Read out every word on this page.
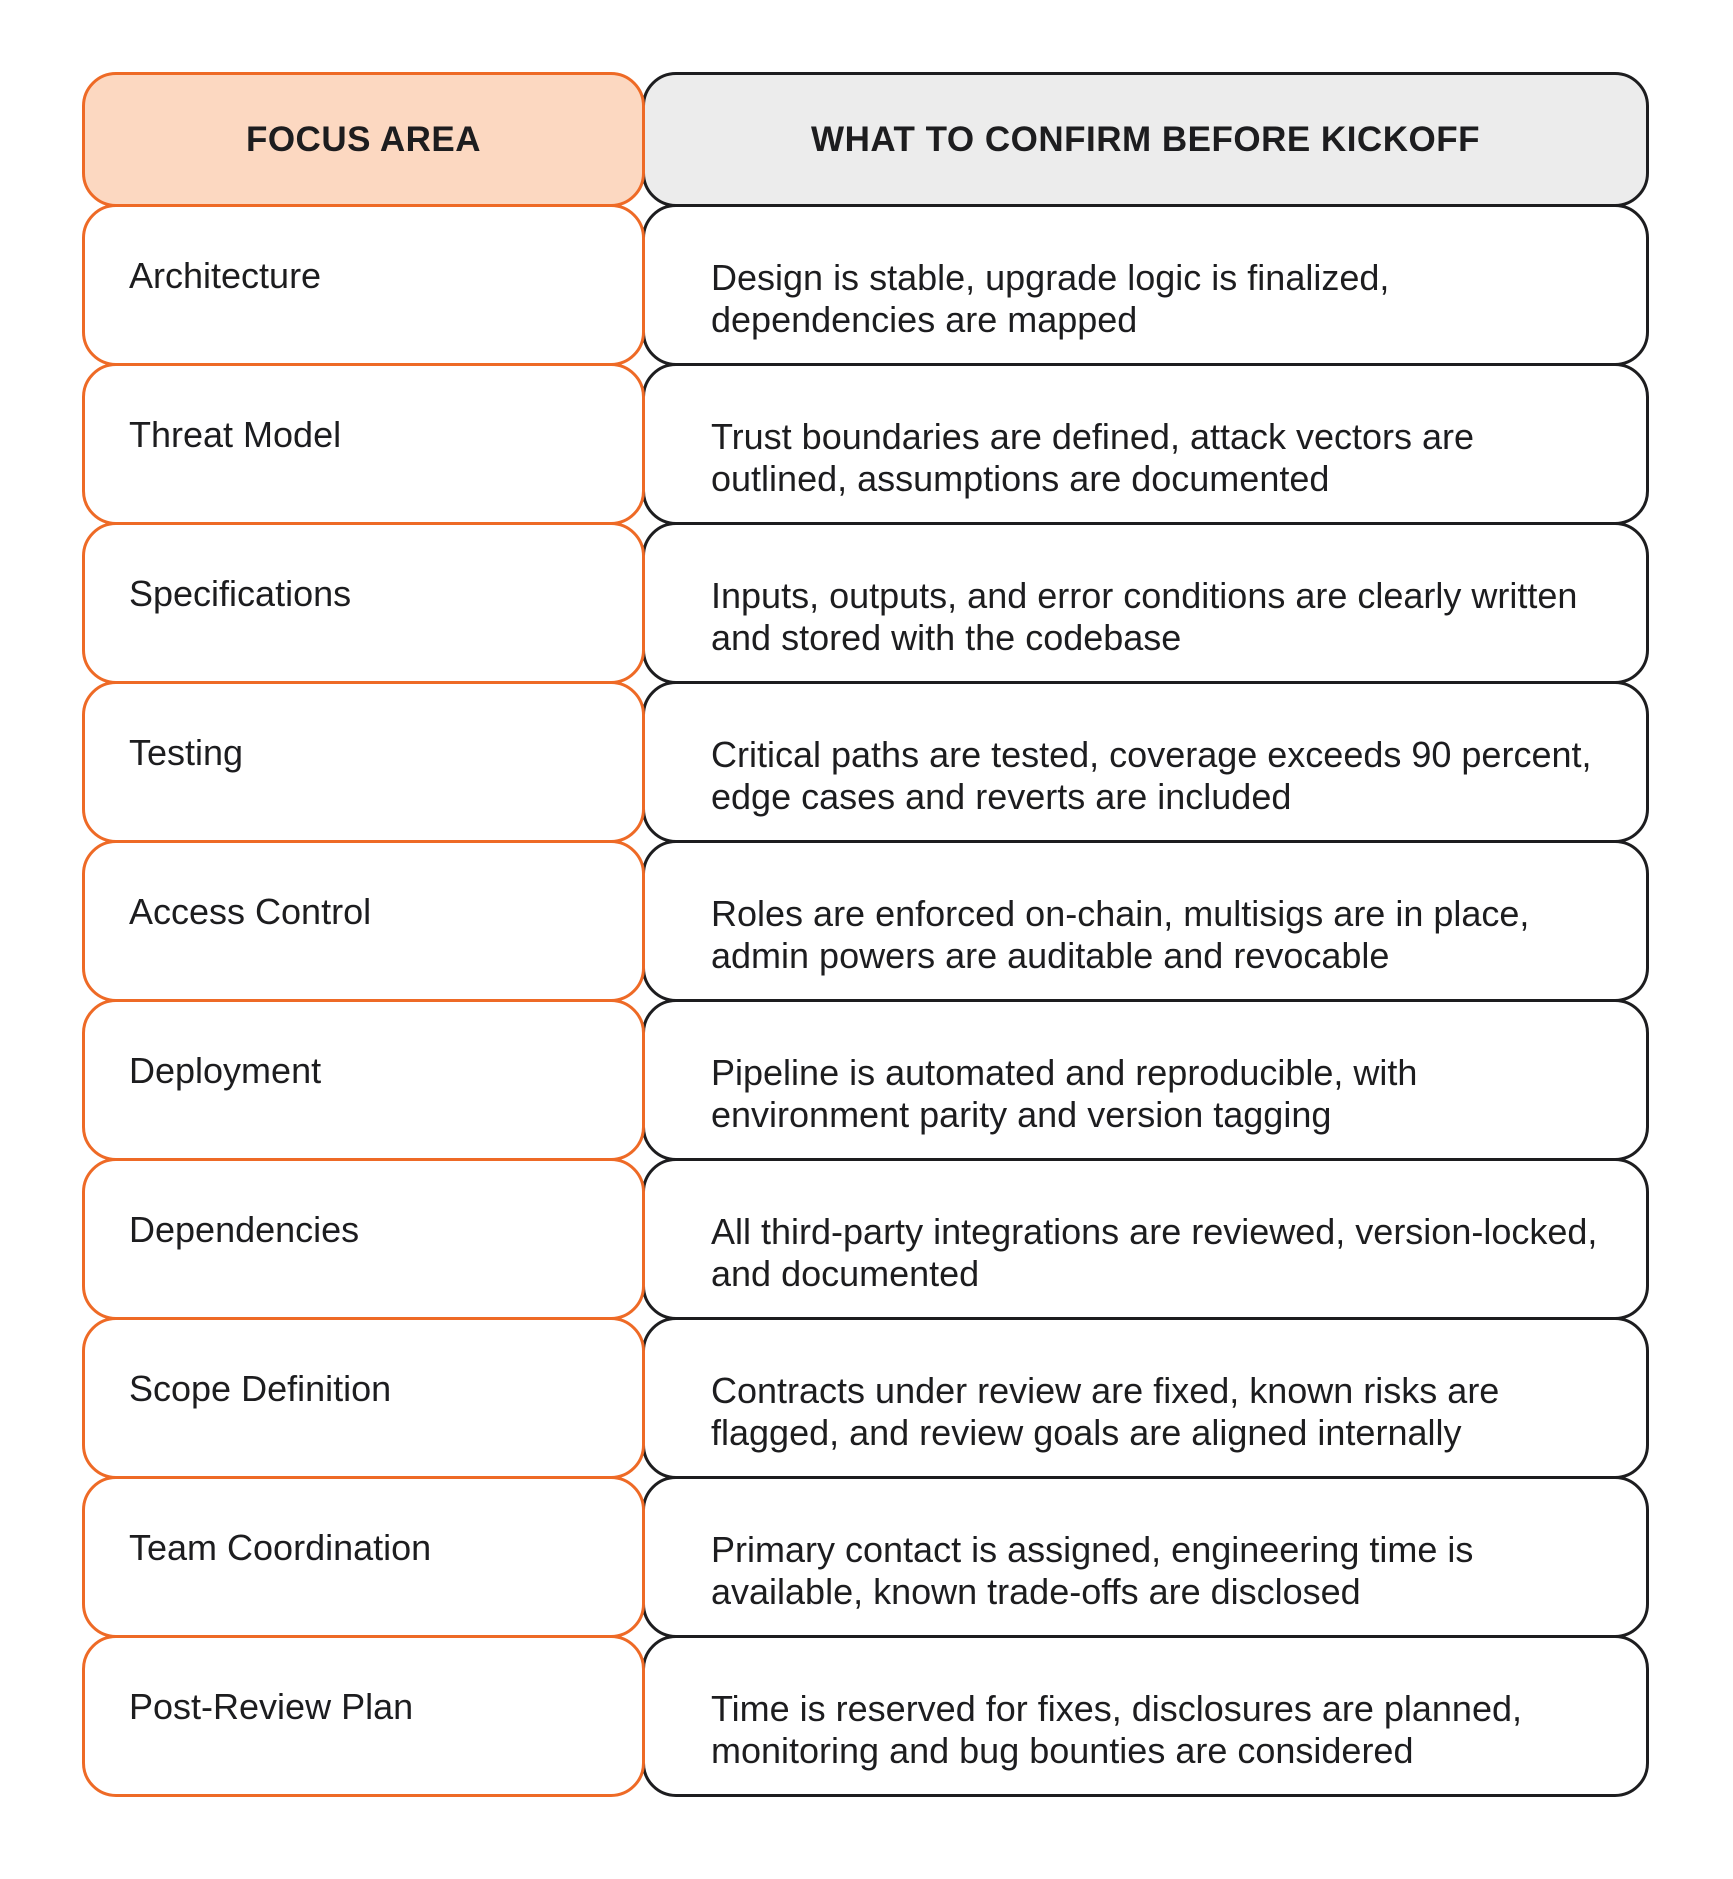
FOCUS AREA	WHAT TO CONFIRM BEFORE KICKOFF
Architecture	Design is stable, upgrade logic is finalized, dependencies are mapped
Threat Model	Trust boundaries are defined, attack vectors are outlined, assumptions are documented
Specifications	Inputs, outputs, and error conditions are clearly written and stored with the codebase
Testing	Critical paths are tested, coverage exceeds 90 percent, edge cases and reverts are included
Access Control	Roles are enforced on-chain, multisigs are in place, admin powers are auditable and revocable
Deployment	Pipeline is automated and reproducible, with environment parity and version tagging
Dependencies	All third-party integrations are reviewed, version-locked, and documented
Scope Definition	Contracts under review are fixed, known risks are flagged, and review goals are aligned internally
Team Coordination	Primary contact is assigned, engineering time is available, known trade-offs are disclosed
Post-Review Plan	Time is reserved for fixes, disclosures are planned, monitoring and bug bounties are considered
